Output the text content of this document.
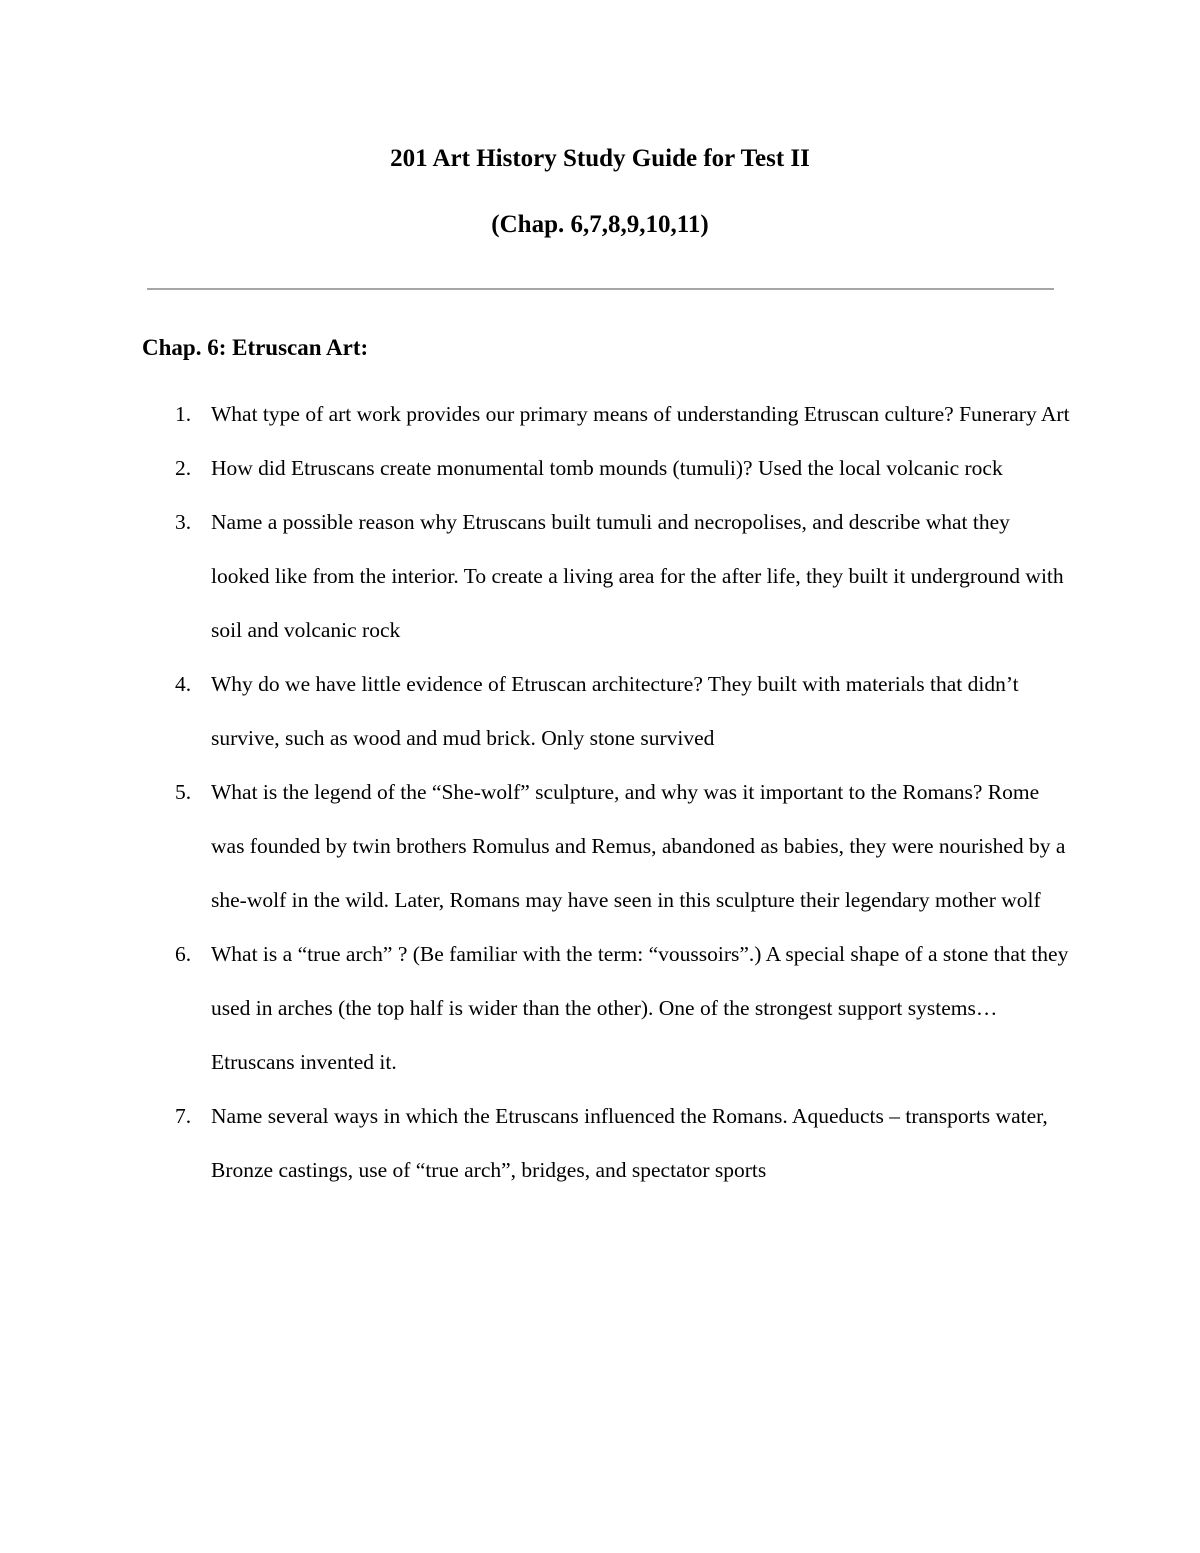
201 Art History Study Guide for Test II
(Chap. 6,7,8,9,10,11)
Chap. 6: Etruscan Art:
1. What type of art work provides our primary means of understanding Etruscan culture? Funerary Art
2. How did Etruscans create monumental tomb mounds (tumuli)? Used the local volcanic rock
3. Name a possible reason why Etruscans built tumuli and necropolises, and describe what they looked like from the interior. To create a living area for the after life, they built it underground with soil and volcanic rock
4. Why do we have little evidence of Etruscan architecture? They built with materials that didn’t survive, such as wood and mud brick. Only stone survived
5. What is the legend of the “She-wolf” sculpture, and why was it important to the Romans? Rome was founded by twin brothers Romulus and Remus, abandoned as babies, they were nourished by a she-wolf in the wild. Later, Romans may have seen in this sculpture their legendary mother wolf
6. What is a “true arch” ? (Be familiar with the term: “voussoirs”.) A special shape of a stone that they used in arches (the top half is wider than the other). One of the strongest support systems… Etruscans invented it.
7. Name several ways in which the Etruscans influenced the Romans. Aqueducts – transports water, Bronze castings, use of “true arch”, bridges, and spectator sports
